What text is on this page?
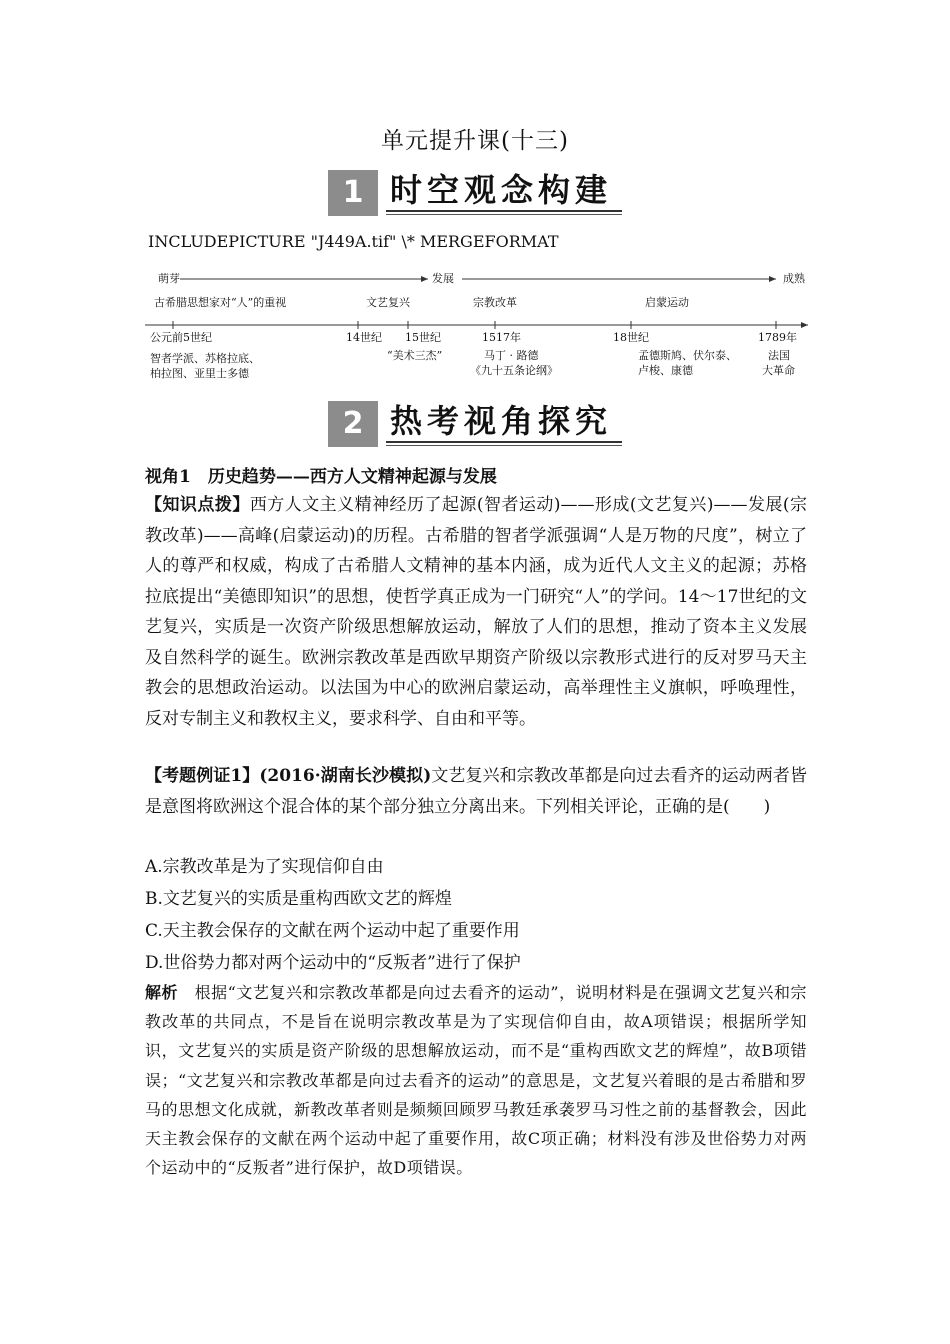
单元提升课(十三)
1 时空观念构建
INCLUDEPICTURE "J449A.tif" \* MERGEFORMAT
萌芽	发展	成熟
古希腊思想家对“人”的重视	文艺复兴	宗教改革	启蒙运动
公元前5世纪	14世纪 15世纪	1517年	18世纪	1789年
智者学派、苏格拉底、
柏拉图、亚里士多德
“美术三杰”	马丁 · 路德
《九十五条论纲》
孟德斯鸠、伏尔泰、
卢梭、康德
法国
大革命
2 热考视角探究
视角1　历史趋势——西方人文精神起源与发展

【知识点拨】西方人文主义精神经历了起源(智者运动)——形成(文艺复兴)——发展(宗教改革)——高峰(启蒙运动)的历程。古希腊的智者学派强调“人是万物的尺度”，树立了人的尊严和权威，构成了古希腊人文精神的基本内涵，成为近代人文主义的起源；苏格拉底提出“美德即知识”的思想，使哲学真正成为一门研究“人”的学问。14～17世纪的文艺复兴，实质是一次资产阶级思想解放运动，解放了人们的思想，推动了资本主义发展及自然科学的诞生。欧洲宗教改革是西欧早期资产阶级以宗教形式进行的反对罗马天主教会的思想政治运动。以法国为中心的欧洲启蒙运动，高举理性主义旗帜，呼唤理性，反对专制主义和教权主义，要求科学、自由和平等。

【考题例证1】(2016·湖南长沙模拟)文艺复兴和宗教改革都是向过去看齐的运动两者皆是意图将欧洲这个混合体的某个部分独立分离出来。下列相关评论，正确的是(　　)

A.宗教改革是为了实现信仰自由
B.文艺复兴的实质是重构西欧文艺的辉煌
C.天主教会保存的文献在两个运动中起了重要作用
D.世俗势力都对两个运动中的“反叛者”进行了保护

解析　 根据“文艺复兴和宗教改革都是向过去看齐的运动”，说明材料是在强调文艺复兴和宗教改革的共同点，不是旨在说明宗教改革是为了实现信仰自由，故A项错误；根据所学知识，文艺复兴的实质是资产阶级的思想解放运动，而不是“重构西欧文艺的辉煌”，故B项错误；“文艺复兴和宗教改革都是向过去看齐的运动”的意思是，文艺复兴着眼的是古希腊和罗马的思想文化成就，新教改革者则是频频回顾罗马教廷承袭罗马习性之前的基督教会，因此天主教会保存的文献在两个运动中起了重要作用，故C项正确；材料没有涉及世俗势力对两个运动中的“反叛者”进行保护，故D项错误。
